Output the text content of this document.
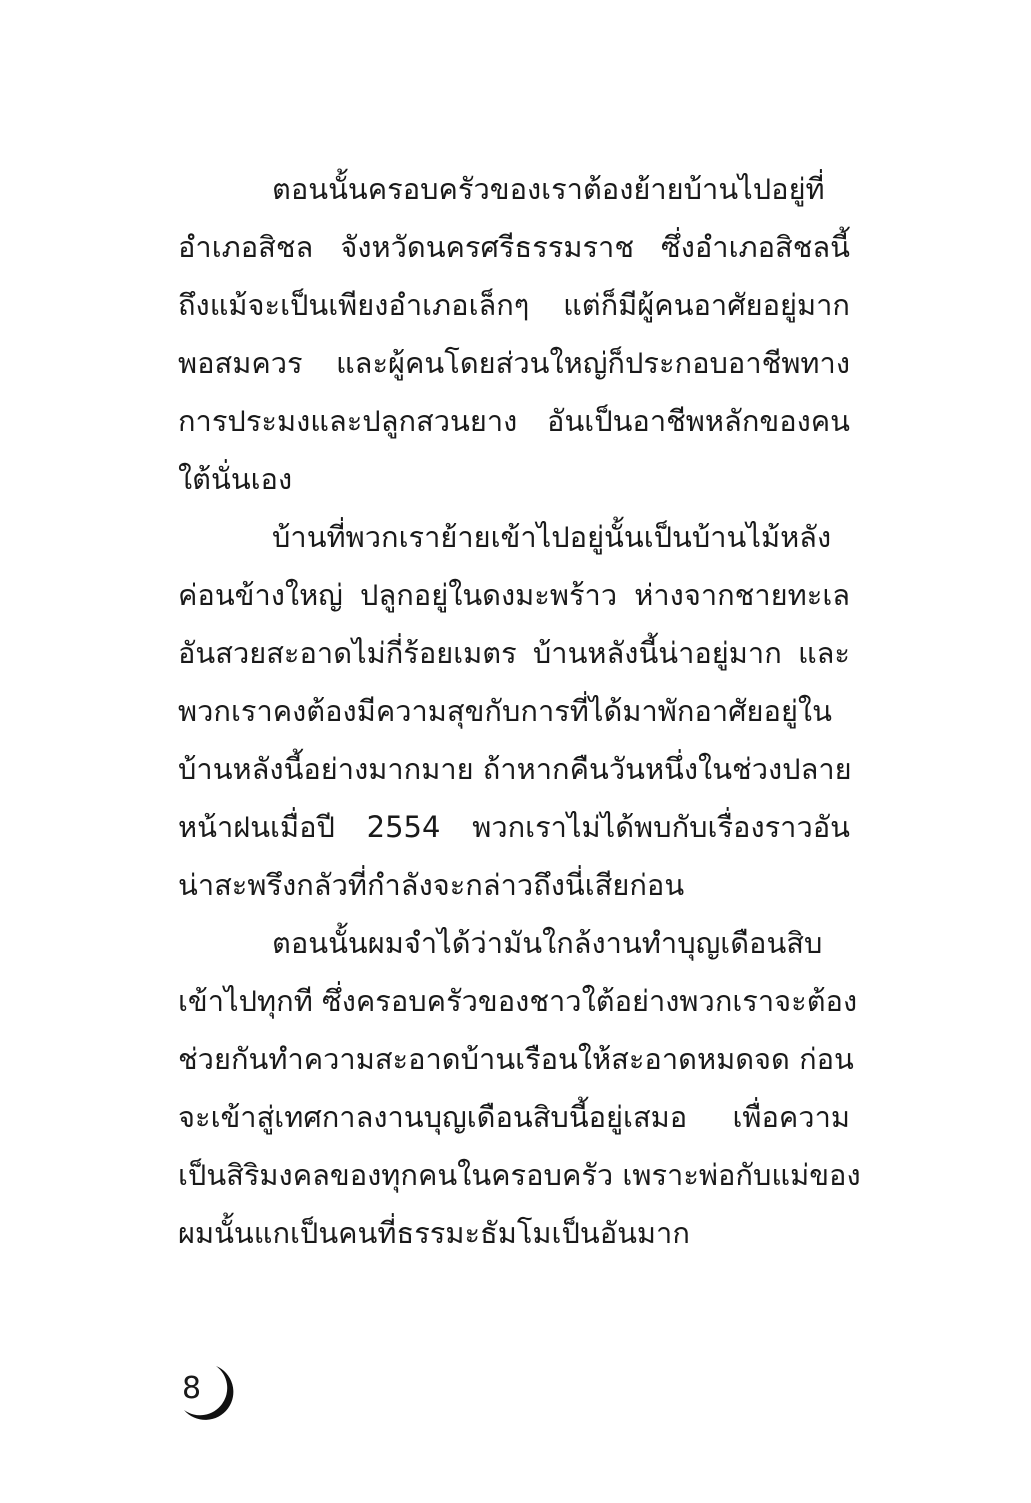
ตอนนั้นครอบครัวของเราต้องย้ายบ้านไปอยู่ที่
อำเภอสิชล จังหวัดนครศรีธรรมราช ซึ่งอำเภอสิชลนี้
ถึงแม้จะเป็นเพียงอำเภอเล็กๆ แต่ก็มีผู้คนอาศัยอยู่มาก
พอสมควร และผู้คนโดยส่วนใหญ่ก็ประกอบอาชีพทาง
การประมงและปลูกสวนยาง อันเป็นอาชีพหลักของคน
ใต้นั่นเอง
บ้านที่พวกเราย้ายเข้าไปอยู่นั้นเป็นบ้านไม้หลัง
ค่อนข้างใหญ่ ปลูกอยู่ในดงมะพร้าว ห่างจากชายทะเล
อันสวยสะอาดไม่กี่ร้อยเมตร บ้านหลังนี้น่าอยู่มาก และ
พวกเราคงต้องมีความสุขกับการที่ได้มาพักอาศัยอยู่ใน
บ้านหลังนี้อย่างมากมาย ถ้าหากคืนวันหนึ่งในช่วงปลาย
หน้าฝนเมื่อปี 2554 พวกเราไม่ได้พบกับเรื่องราวอัน
น่าสะพรึงกลัวที่กำลังจะกล่าวถึงนี่เสียก่อน
ตอนนั้นผมจำได้ว่ามันใกล้งานทำบุญเดือนสิบ
เข้าไปทุกที ซึ่งครอบครัวของชาวใต้อย่างพวกเราจะต้อง
ช่วยกันทำความสะอาดบ้านเรือนให้สะอาดหมดจด ก่อน
จะเข้าสู่เทศกาลงานบุญเดือนสิบนี้อยู่เสมอ เพื่อความ
เป็นสิริมงคลของทุกคนในครอบครัว เพราะพ่อกับแม่ของ
ผมนั้นแกเป็นคนที่ธรรมะธัมโมเป็นอันมาก
8
